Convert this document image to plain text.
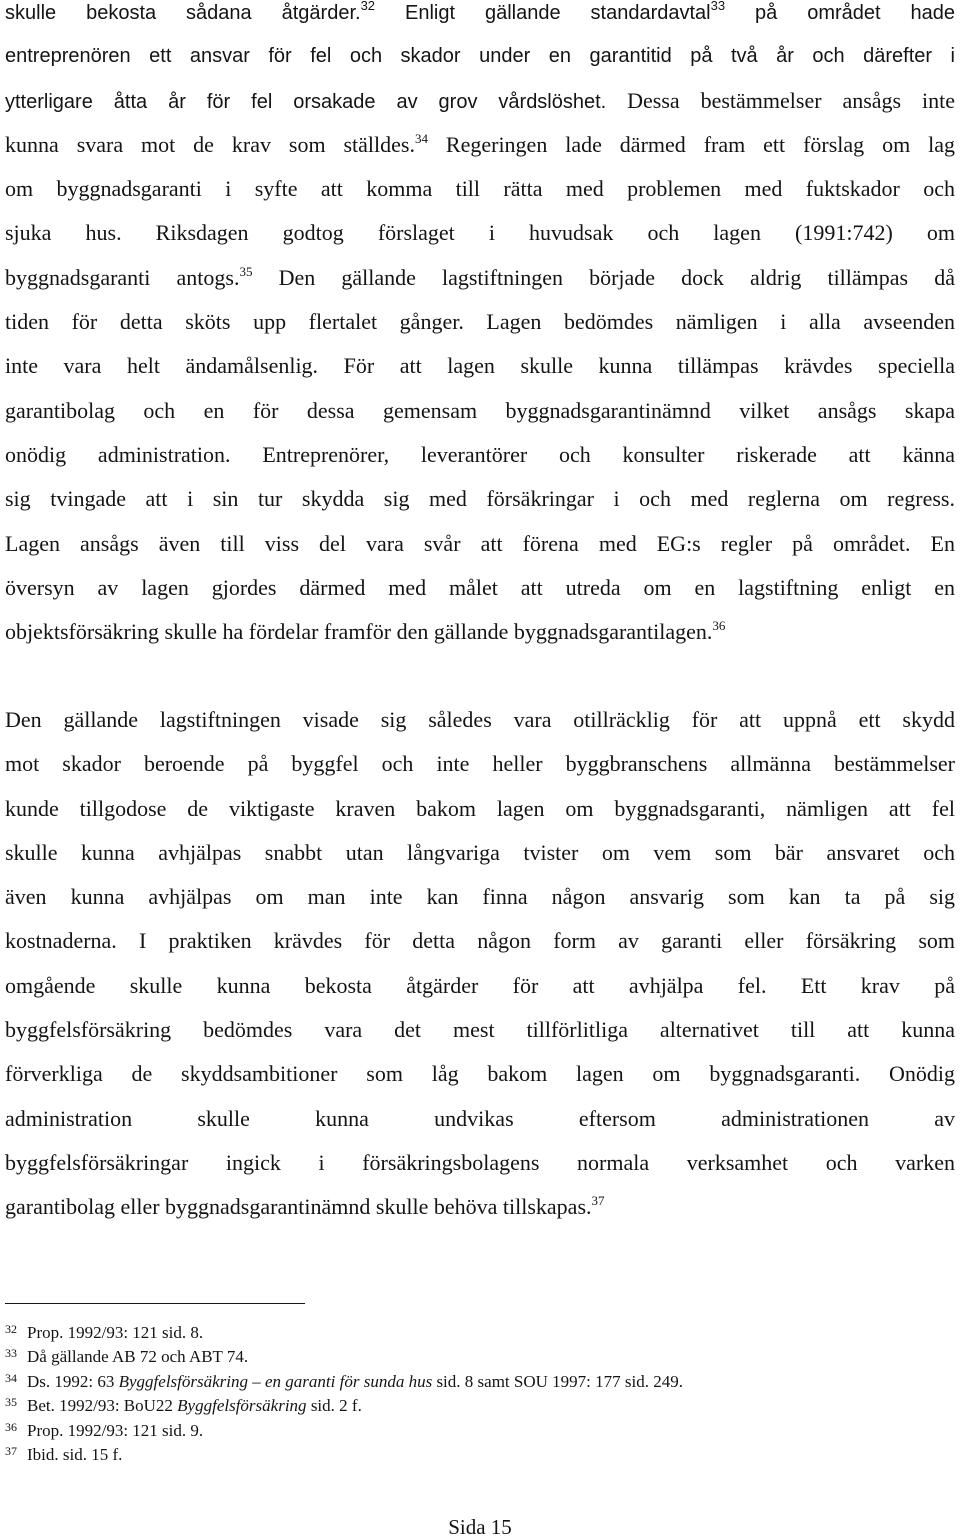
skulle bekosta sådana åtgärder.$^{32}$ Enligt gällande standardavtal$^{33}$ på området hade
entreprenören ett ansvar för fel och skador under en garantitid på två år och därefter i
ytterligare åtta år för fel orsakade av grov vårdslöshet. Dessa bestämmelser ansågs inte
kunna svara mot de krav som ställdes.$^{34}$ Regeringen lade därmed fram ett förslag om lag
om byggnadsgaranti i syfte att komma till rätta med problemen med fuktskador och
sjuka hus. Riksdagen godtog förslaget i huvudsak och lagen (1991:742) om
byggnadsgaranti antogs.$^{35}$ Den gällande lagstiftningen började dock aldrig tillämpas då
tiden för detta sköts upp flertalet gånger. Lagen bedömdes nämligen i alla avseenden
inte vara helt ändamålsenlig. För att lagen skulle kunna tillämpas krävdes speciella
garantibolag och en för dessa gemensam byggnadsgarantinämnd vilket ansågs skapa
onödig administration. Entreprenörer, leverantörer och konsulter riskerade att känna
sig tvingade att i sin tur skydda sig med försäkringar i och med reglerna om regress.
Lagen ansågs även till viss del vara svår att förena med EG:s regler på området. En
översyn av lagen gjordes därmed med målet att utreda om en lagstiftning enligt en
objektsförsäkring skulle ha fördelar framför den gällande byggnadsgarantilagen.$^{36}$
Den gällande lagstiftningen visade sig således vara otillräcklig för att uppnå ett skydd
mot skador beroende på byggfel och inte heller byggbranschens allmänna bestämmelser
kunde tillgodose de viktigaste kraven bakom lagen om byggnadsgaranti, nämligen att fel
skulle kunna avhjälpas snabbt utan långvariga tvister om vem som bär ansvaret och
även kunna avhjälpas om man inte kan finna någon ansvarig som kan ta på sig
kostnaderna. I praktiken krävdes för detta någon form av garanti eller försäkring som
omgående skulle kunna bekosta åtgärder för att avhjälpa fel. Ett krav på
byggfelsförsäkring bedömdes vara det mest tillförlitliga alternativet till att kunna
förverkliga de skyddsambitioner som låg bakom lagen om byggnadsgaranti. Onödig
administration skulle kunna undvikas eftersom administrationen av
byggfelsförsäkringar ingick i försäkringsbolagens normala verksamhet och varken
garantibolag eller byggnadsgarantinämnd skulle behöva tillskapas.$^{37}$
32 Prop. 1992/93: 121 sid. 8.
33 Då gällande AB 72 och ABT 74.
34 Ds. 1992: 63 Byggfelsförsäkring – en garanti för sunda hus sid. 8 samt SOU 1997: 177 sid. 249.
35 Bet. 1992/93: BoU22 Byggfelsförsäkring sid. 2 f.
36 Prop. 1992/93: 121 sid. 9.
37 Ibid. sid. 15 f.
Sida 15
